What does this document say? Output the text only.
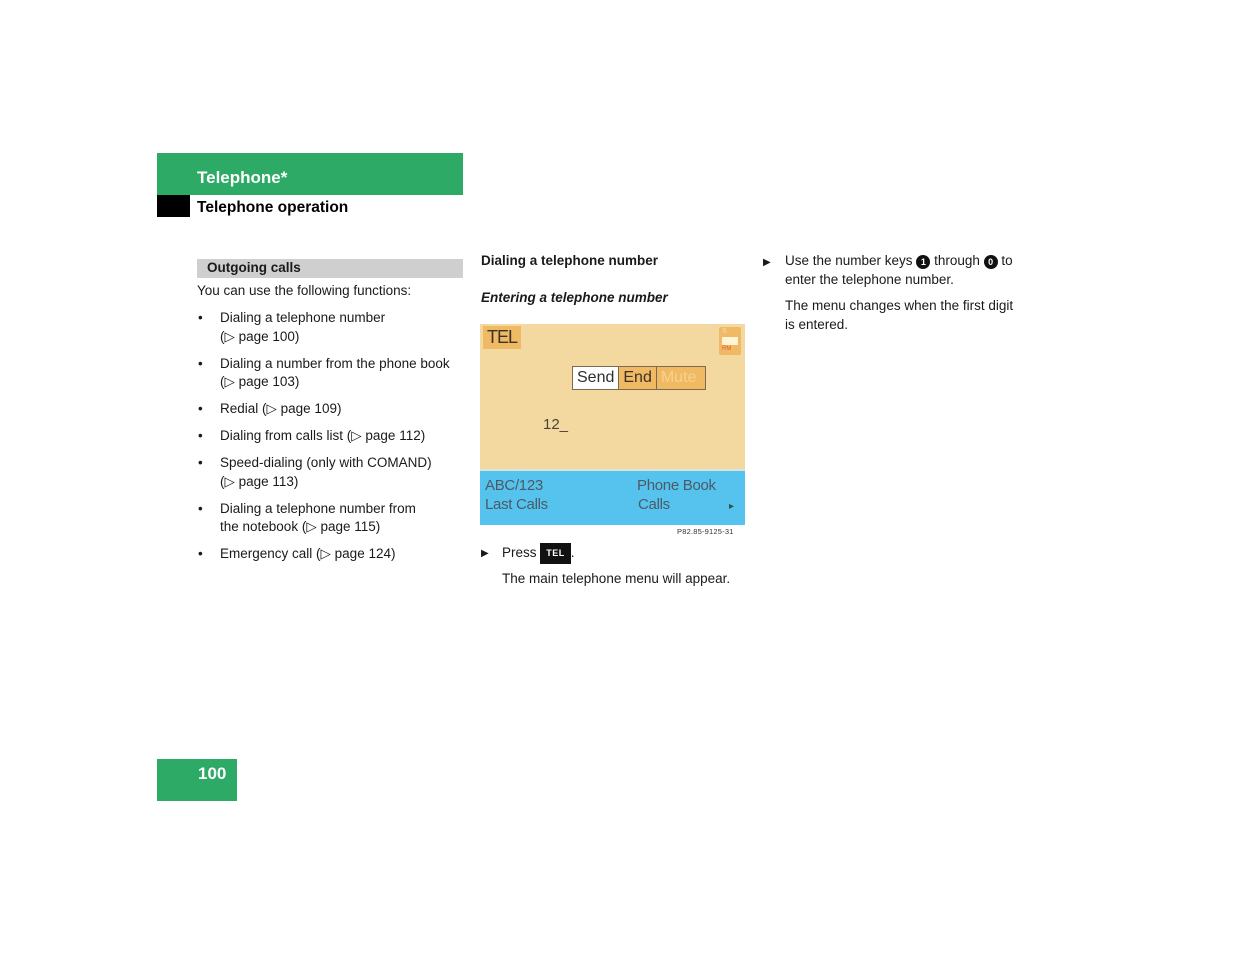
Telephone*
Telephone operation
Outgoing calls
You can use the following functions:
• Dialing a telephone number
(▷ page 100)
• Dialing a number from the phone book
(▷ page 103)
• Redial (▷ page 109)
• Dialing from calls list (▷ page 112)
• Speed-dialing (only with COMAND)
(▷ page 113)
• Dialing a telephone number from
the notebook (▷ page 115)
• Emergency call (▷ page 124)
Dialing a telephone number
Entering a telephone number
TEL	S
RM
Send End Mute
12_
ABC/123
Last Calls
Phone Book
Calls	▸
P82.85-9125-31
▶ Press TEL .
The main telephone menu will appear.
▶	Use the number keys 1 through 0 to
enter the telephone number.
The menu changes when the first digit
is entered.
100
